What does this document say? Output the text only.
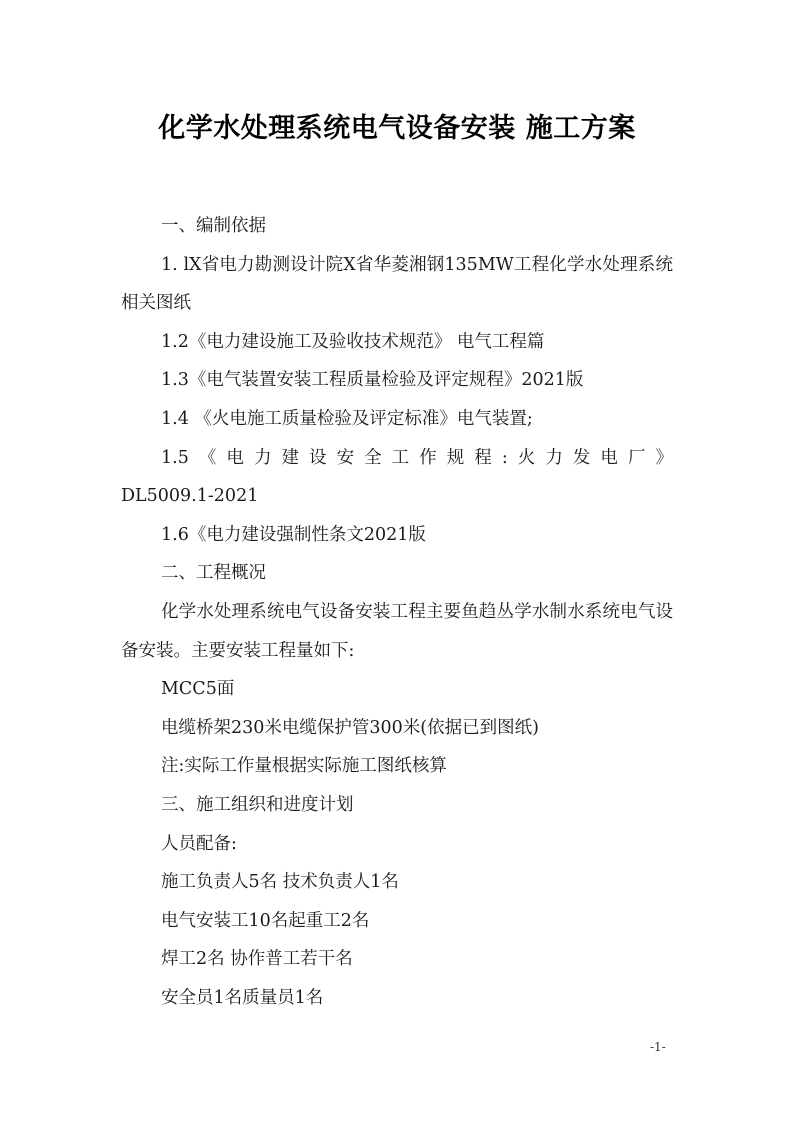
化学水处理系统电气设备安装 施工方案

一、编制依据

1. lX省电力勘测设计院X省华菱湘钢135MW工程化学水处理系统相关图纸

1.2《电力建设施工及验收技术规范》 电气工程篇

1.3《电气装置安装工程质量检验及评定规程》2021版

1.4 《火电施工质量检验及评定标准》电气装置;

1.5《电力建设安全工作规程:火力发电厂》

DL5009.1-2021

1.6《电力建设强制性条文2021版

二、工程概况

化学水处理系统电气设备安装工程主要鱼趋丛学水制水系统电气设备安装。主要安装工程量如下:

MCC5面

电缆桥架230米电缆保护管300米(依据已到图纸)

注:实际工作量根据实际施工图纸核算

三、施工组织和进度计划

人员配备:

施工负责人5名 技术负责人1名

电气安装工10名起重工2名

焊工2名 协作普工若干名

安全员1名质量员1名

-1-
